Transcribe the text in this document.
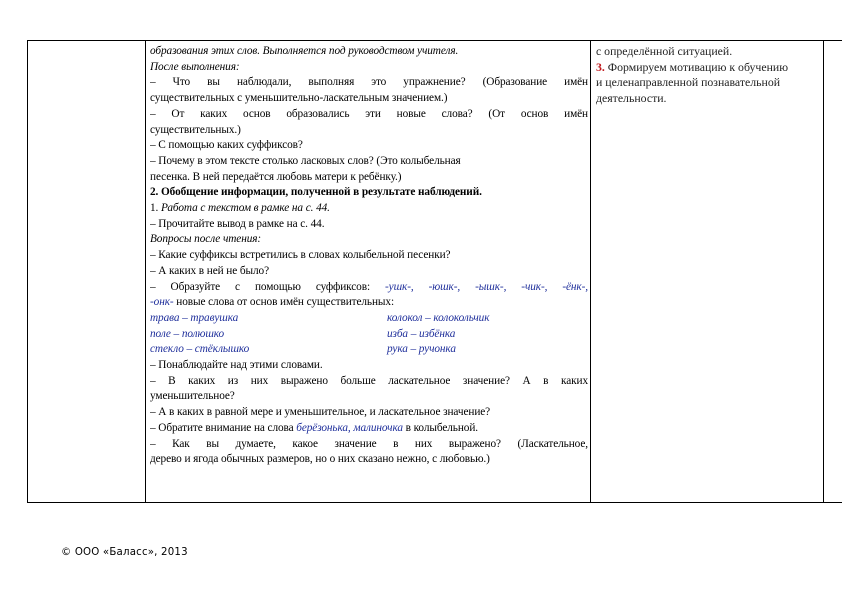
образования этих слов. Выполняется под руководством учителя.
После выполнения:
– Что вы наблюдали, выполняя это упражнение? (Образование имён
существительных с уменьшительно-ласкательным значением.)
– От каких основ образовались эти новые слова? (От основ имён
существительных.)
– С помощью каких суффиксов?
– Почему в этом тексте столько ласковых слов? (Это колыбельная
песенка. В ней передаётся любовь матери к ребёнку.)
2. Обобщение информации, полученной в результате наблюдений.
1. Работа с текстом в рамке на с. 44.
– Прочитайте вывод в рамке на с. 44.
Вопросы после чтения:
– Какие суффиксы встретились в словах колыбельной песенки?
– А каких в ней не было?
– Образуйте с помощью суффиксов: -ушк-, -юшк-, -ышк-, -чик-, -ёнк-,
-онк- новые слова от основ имён существительных:
трава – травушка	колокол – колокольчик
поле – полюшко	изба – избёнка
стекло – стёклышко	рука – ручонка
– Понаблюдайте над этими словами.
– В каких из них выражено больше ласкательное значение? А в каких
уменьшительное?
– А в каких в равной мере и уменьшительное, и ласкательное значение?
– Обратите внимание на слова берёзонька, малиночка в колыбельной.
– Как вы думаете, какое значение в них выражено? (Ласкательное,
дерево и ягода обычных размеров, но о них сказано нежно, с любовью.)

с определённой ситуацией.
3. Формируем мотивацию к обучению
и целенаправленной познавательной
деятельности.

© ООО «Баласс», 2013
